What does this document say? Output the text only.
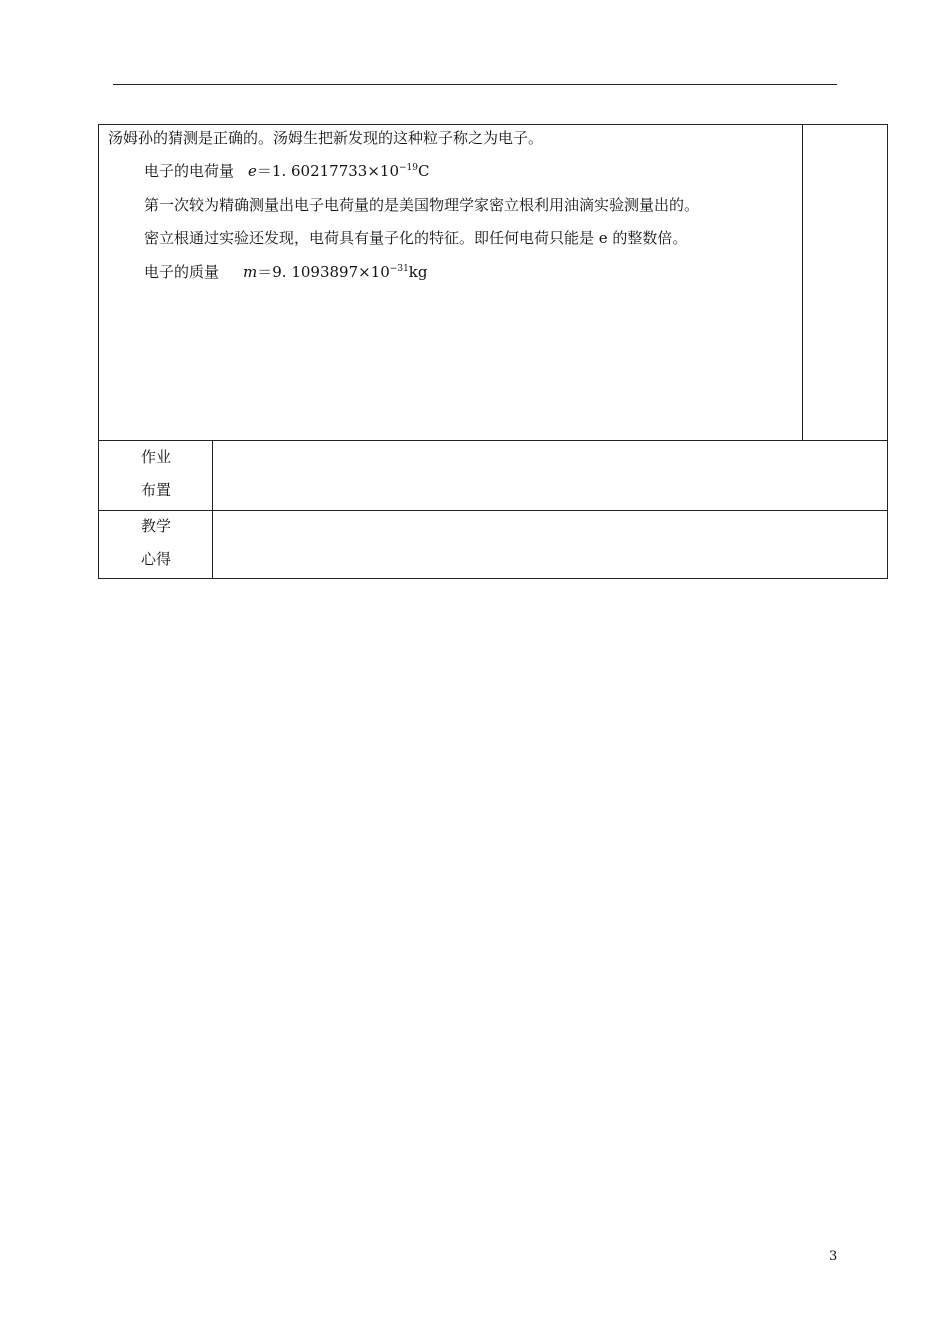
汤姆孙的猜测是正确的。汤姆生把新发现的这种粒子称之为电子。
电子的电荷量 e＝1. $60217733\times 10^{-19}C$
第一次较为精确测量出电子电荷量的是美国物理学家密立根利用油滴实验测量出的。
密立根通过实验还发现，电荷具有量子化的特征。即任何电荷只能是 e 的整数倍。
电子的质量 m＝9. $1093897\times 10^{-31}kg$
作业
布置
教学
心得
3
